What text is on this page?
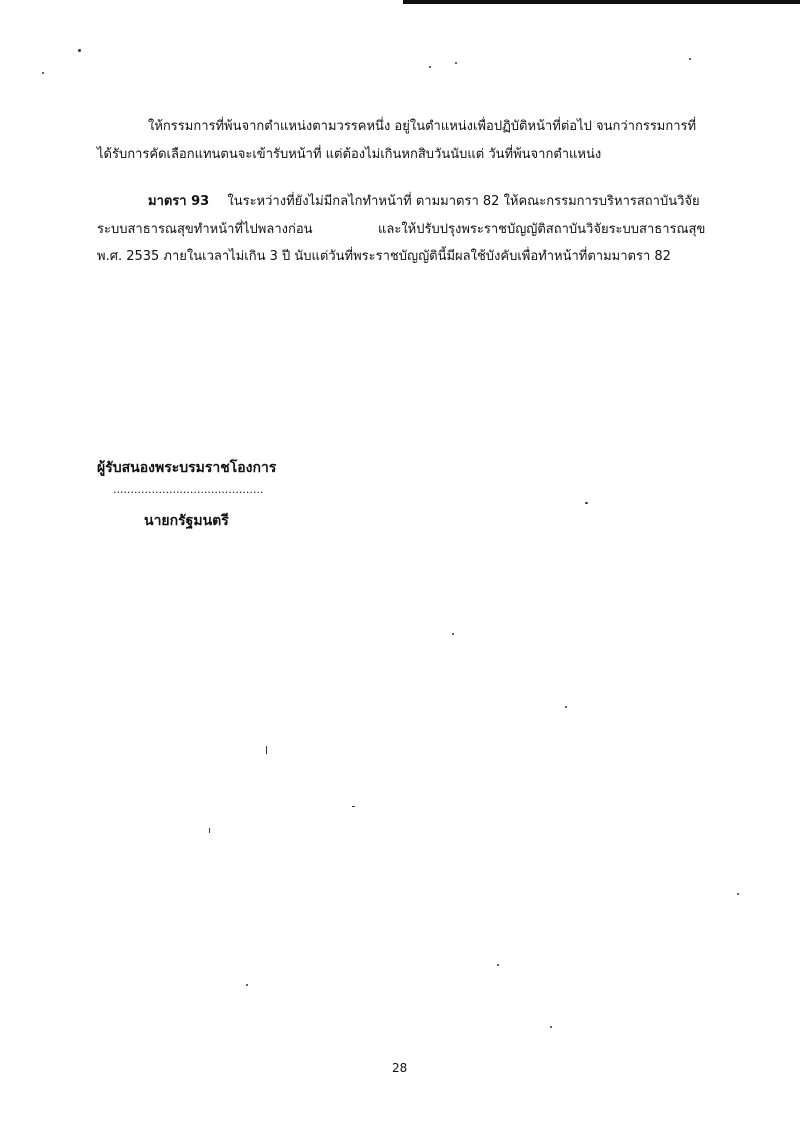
ให้กรรมการที่พ้นจากตำแหน่งตามวรรคหนึ่ง อยู่ในตำแหน่งเพื่อปฏิบัติหน้าที่ต่อไป จนกว่ากรรมการที่
ได้รับการคัดเลือกแทนตนจะเข้ารับหน้าที่ แต่ต้องไม่เกินหกสิบวันนับแต่ วันที่พ้นจากตำแหน่ง
มาตรา 93 ในระหว่างที่ยังไม่มีกลไกทำหน้าที่ ตามมาตรา 82 ให้คณะกรรมการบริหารสถาบันวิจัย
ระบบสาธารณสุขทำหน้าที่ไปพลางก่อน	และให้ปรับปรุงพระราชบัญญัติสถาบันวิจัยระบบสาธารณสุข
พ.ศ. 2535 ภายในเวลาไม่เกิน 3 ปี นับแต่วันที่พระราชบัญญัตินี้มีผลใช้บังคับเพื่อทำหน้าที่ตามมาตรา 82
ผู้รับสนองพระบรมราชโองการ
...........................................
นายกรัฐมนตรี
28
